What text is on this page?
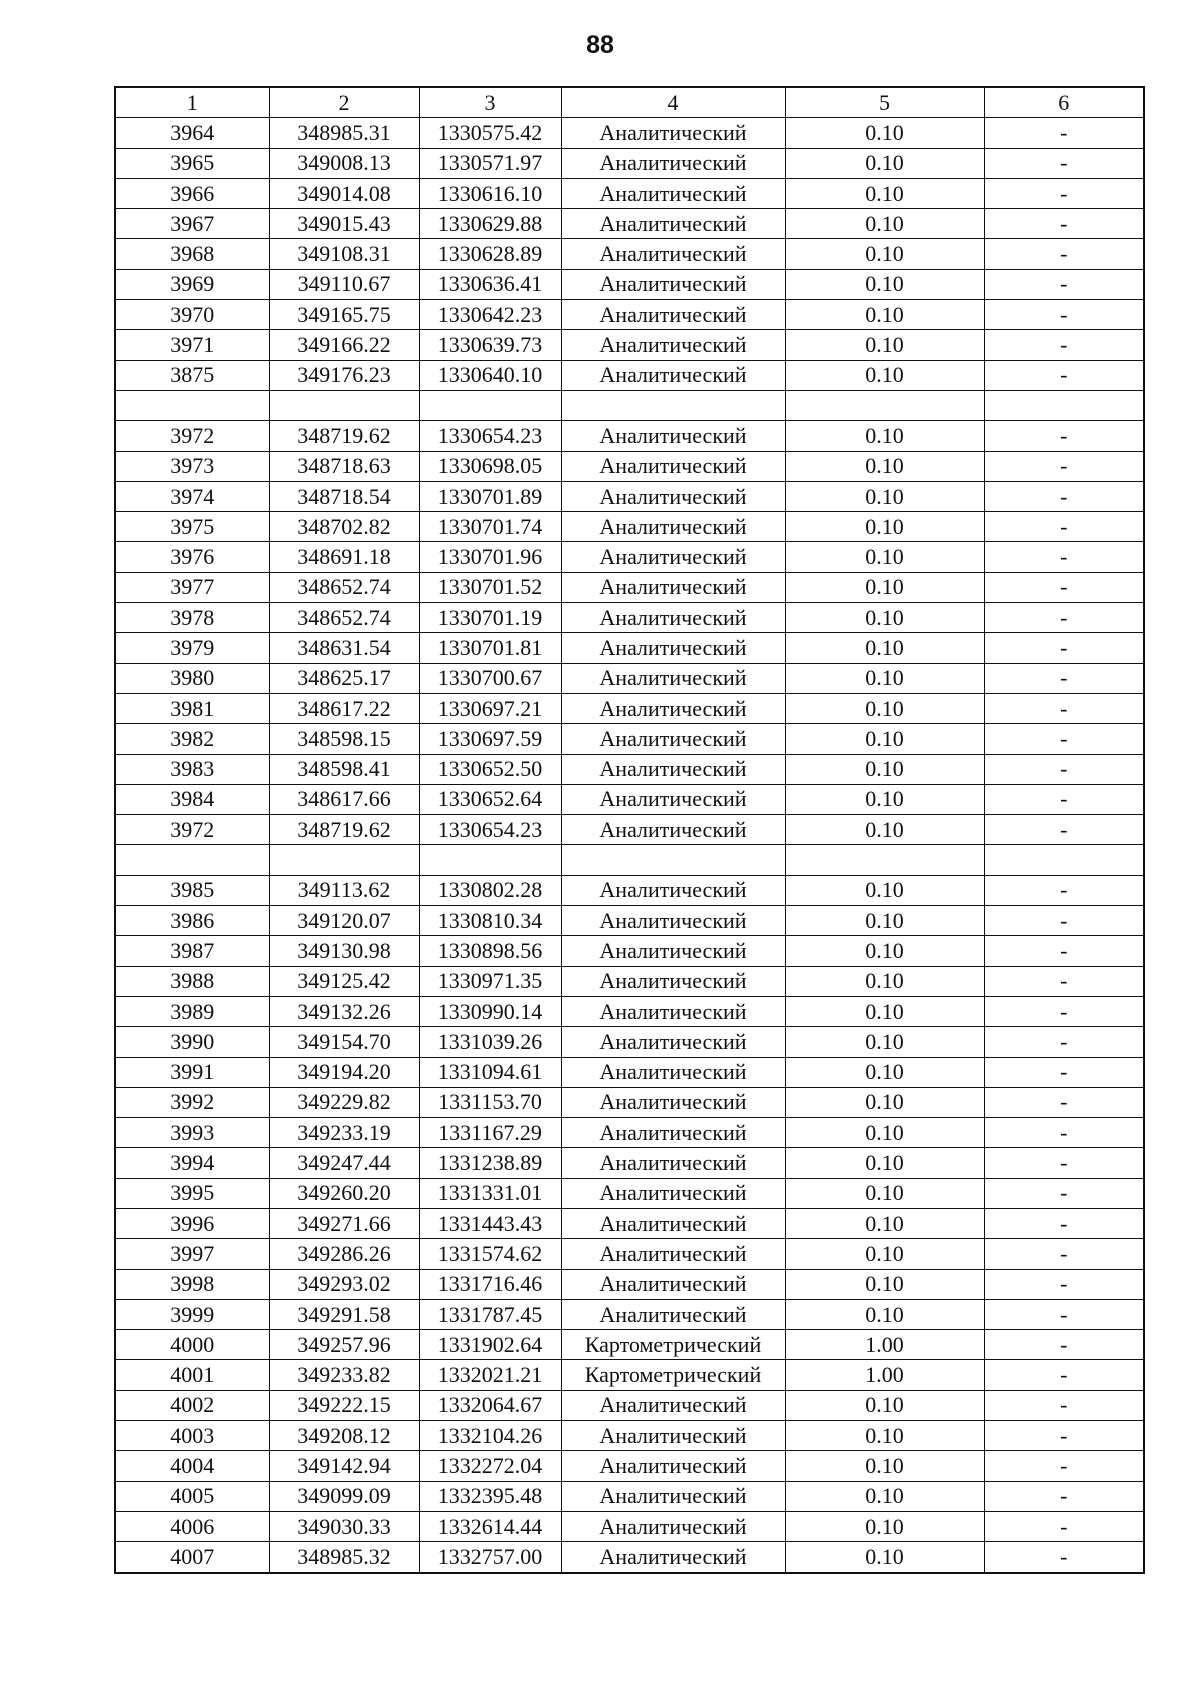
88
1	2	3	4	5	6
3964	348985.31	1330575.42	Аналитический	0.10	-
3965	349008.13	1330571.97	Аналитический	0.10	-
3966	349014.08	1330616.10	Аналитический	0.10	-
3967	349015.43	1330629.88	Аналитический	0.10	-
3968	349108.31	1330628.89	Аналитический	0.10	-
3969	349110.67	1330636.41	Аналитический	0.10	-
3970	349165.75	1330642.23	Аналитический	0.10	-
3971	349166.22	1330639.73	Аналитический	0.10	-
3875	349176.23	1330640.10	Аналитический	0.10	-

3972	348719.62	1330654.23	Аналитический	0.10	-
3973	348718.63	1330698.05	Аналитический	0.10	-
3974	348718.54	1330701.89	Аналитический	0.10	-
3975	348702.82	1330701.74	Аналитический	0.10	-
3976	348691.18	1330701.96	Аналитический	0.10	-
3977	348652.74	1330701.52	Аналитический	0.10	-
3978	348652.74	1330701.19	Аналитический	0.10	-
3979	348631.54	1330701.81	Аналитический	0.10	-
3980	348625.17	1330700.67	Аналитический	0.10	-
3981	348617.22	1330697.21	Аналитический	0.10	-
3982	348598.15	1330697.59	Аналитический	0.10	-
3983	348598.41	1330652.50	Аналитический	0.10	-
3984	348617.66	1330652.64	Аналитический	0.10	-
3972	348719.62	1330654.23	Аналитический	0.10	-

3985	349113.62	1330802.28	Аналитический	0.10	-
3986	349120.07	1330810.34	Аналитический	0.10	-
3987	349130.98	1330898.56	Аналитический	0.10	-
3988	349125.42	1330971.35	Аналитический	0.10	-
3989	349132.26	1330990.14	Аналитический	0.10	-
3990	349154.70	1331039.26	Аналитический	0.10	-
3991	349194.20	1331094.61	Аналитический	0.10	-
3992	349229.82	1331153.70	Аналитический	0.10	-
3993	349233.19	1331167.29	Аналитический	0.10	-
3994	349247.44	1331238.89	Аналитический	0.10	-
3995	349260.20	1331331.01	Аналитический	0.10	-
3996	349271.66	1331443.43	Аналитический	0.10	-
3997	349286.26	1331574.62	Аналитический	0.10	-
3998	349293.02	1331716.46	Аналитический	0.10	-
3999	349291.58	1331787.45	Аналитический	0.10	-
4000	349257.96	1331902.64	Картометрический	1.00	-
4001	349233.82	1332021.21	Картометрический	1.00	-
4002	349222.15	1332064.67	Аналитический	0.10	-
4003	349208.12	1332104.26	Аналитический	0.10	-
4004	349142.94	1332272.04	Аналитический	0.10	-
4005	349099.09	1332395.48	Аналитический	0.10	-
4006	349030.33	1332614.44	Аналитический	0.10	-
4007	348985.32	1332757.00	Аналитический	0.10	-
